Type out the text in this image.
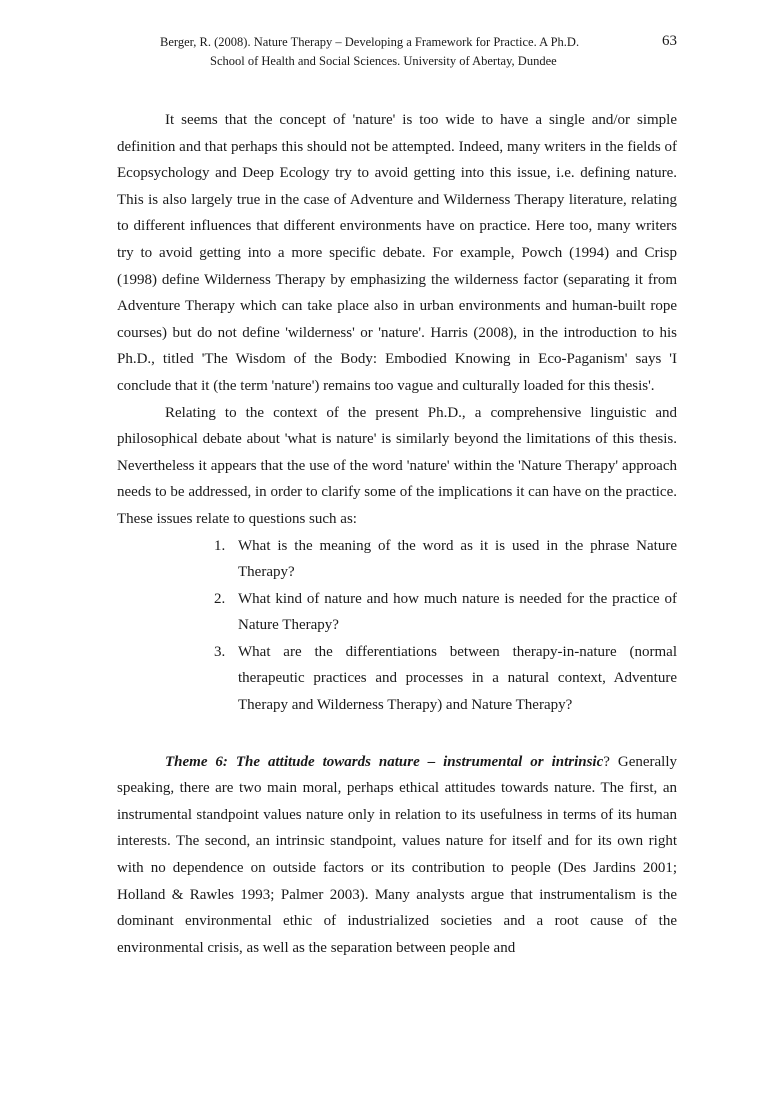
Berger, R. (2008). Nature Therapy – Developing a Framework for Practice. A Ph.D.	63
School of Health and Social Sciences. University of Abertay, Dundee

It seems that the concept of 'nature' is too wide to have a single and/or simple definition and that perhaps this should not be attempted. Indeed, many writers in the fields of Ecopsychology and Deep Ecology try to avoid getting into this issue, i.e. defining nature. This is also largely true in the case of Adventure and Wilderness Therapy literature, relating to different influences that different environments have on practice. Here too, many writers try to avoid getting into a more specific debate. For example, Powch (1994) and Crisp (1998) define Wilderness Therapy by emphasizing the wilderness factor (separating it from Adventure Therapy which can take place also in urban environments and human-built rope courses) but do not define 'wilderness' or 'nature'. Harris (2008), in the introduction to his Ph.D., titled 'The Wisdom of the Body: Embodied Knowing in Eco-Paganism' says 'I conclude that it (the term 'nature') remains too vague and culturally loaded for this thesis'.

Relating to the context of the present Ph.D., a comprehensive linguistic and philosophical debate about 'what is nature' is similarly beyond the limitations of this thesis. Nevertheless it appears that the use of the word 'nature' within the 'Nature Therapy' approach needs to be addressed, in order to clarify some of the implications it can have on the practice. These issues relate to questions such as:

1. What is the meaning of the word as it is used in the phrase Nature Therapy?
2. What kind of nature and how much nature is needed for the practice of Nature Therapy?
3. What are the differentiations between therapy-in-nature (normal therapeutic practices and processes in a natural context, Adventure Therapy and Wilderness Therapy) and Nature Therapy?

Theme 6: The attitude towards nature – instrumental or intrinsic? Generally speaking, there are two main moral, perhaps ethical attitudes towards nature. The first, an instrumental standpoint values nature only in relation to its usefulness in terms of its human interests. The second, an intrinsic standpoint, values nature for itself and for its own right with no dependence on outside factors or its contribution to people (Des Jardins 2001; Holland & Rawles 1993; Palmer 2003). Many analysts argue that instrumentalism is the dominant environmental ethic of industrialized societies and a root cause of the environmental crisis, as well as the separation between people and
